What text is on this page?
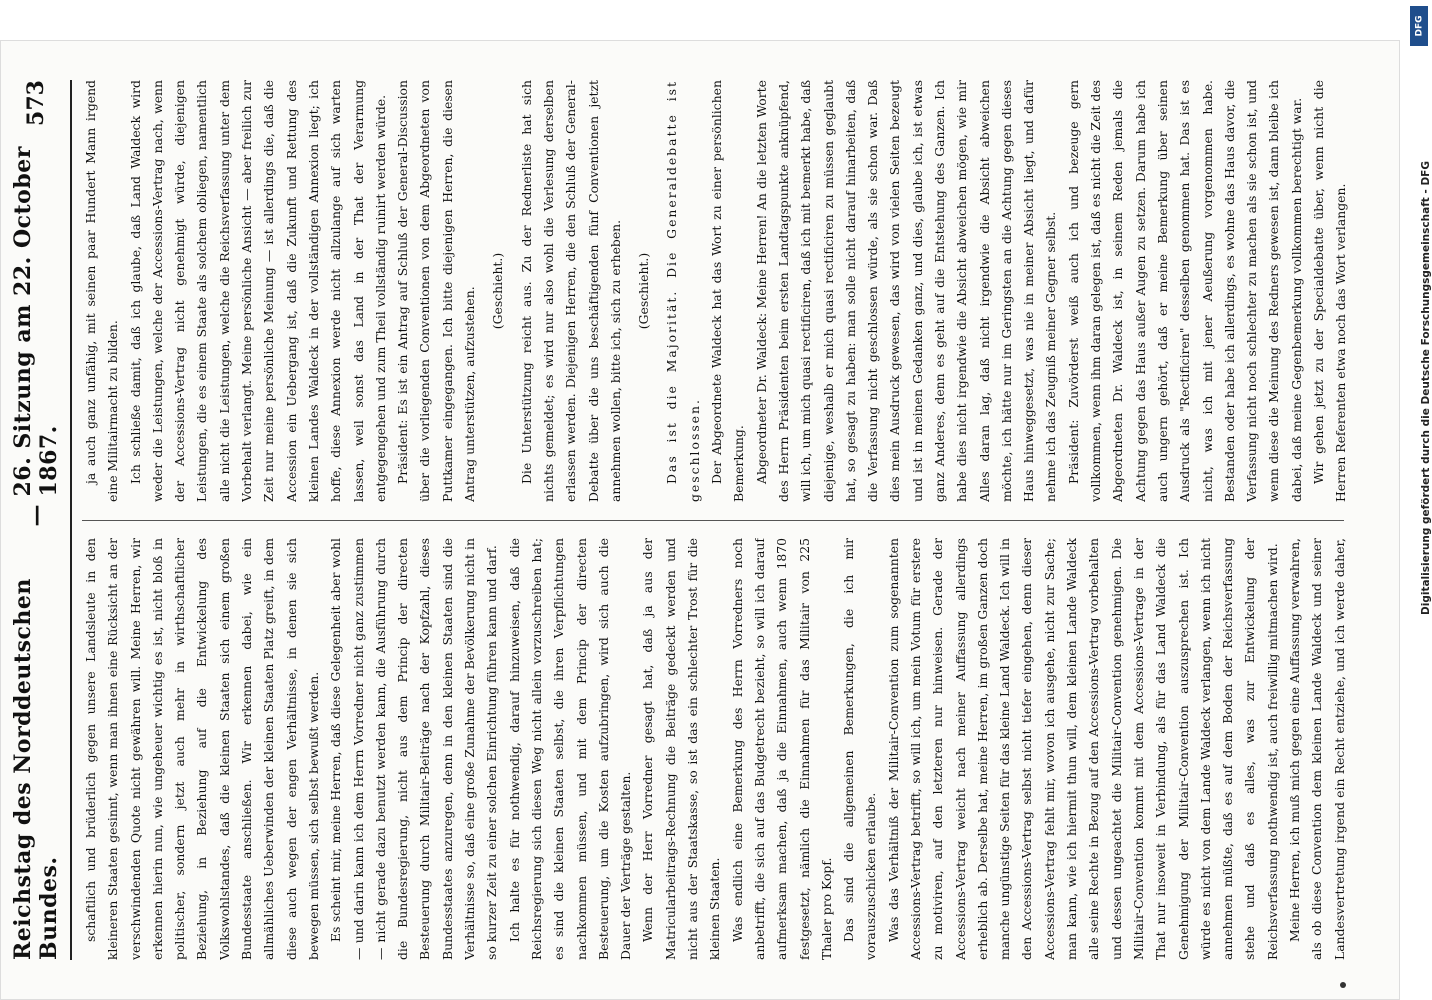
Reichstag des Norddeutschen Bundes.
—
26. Sitzung am 22. October 1867.
573

schaftlich und brüderlich gegen unsere Landsleute in den kleineren Staaten gesinnt, wenn man ihnen eine Rücksicht an der verschwindenden Quote nicht gewähren will. Meine Herren, wir erkennen hierin nun, wie ungeheuer wichtig es ist, nicht bloß in politischer, sondern jetzt auch mehr in wirthschaftlicher Beziehung, in Beziehung auf die Entwickelung des Volkswohlstandes, daß die kleinen Staaten sich einem großen Bundesstaate anschließen. Wir erkennen dabei, wie ein allmähliches Ueberwinden der kleinen Staaten Platz greift, in dem diese auch wegen der engen Verhältnisse, in denen sie sich bewegen müssen, sich selbst bewußt werden. Es scheint mir, meine Herren, daß diese Gelegenheit aber wohl — und darin kann ich dem Herrn Vorredner nicht ganz zustimmen — nicht gerade dazu benutzt werden kann, die Ausführung durch die Bundesregierung, nicht aus dem Princip der directen Besteuerung durch Militair-Beiträge nach der Kopfzahl, dieses Bundesstaates anzuregen, denn in den kleinen Staaten sind die Verhältnisse so, daß eine große Zunahme der Bevölkerung nicht in so kurzer Zeit zu einer solchen Einrichtung führen kann und darf. Ich halte es für nothwendig, darauf hinzuweisen, daß die Reichsregierung sich diesen Weg nicht allein vorzuschreiben hat; es sind die kleinen Staaten selbst, die ihren Verpflichtungen nachkommen müssen, und mit dem Princip der directen Besteuerung, um die Kosten aufzubringen, wird sich auch die Dauer der Verträge gestalten. Wenn der Herr Vorredner gesagt hat, daß ja aus der Matricularbeitrags-Rechnung die Beiträge gedeckt werden und nicht aus der Staatskasse, so ist das ein schlechter Trost für die kleinen Staaten. Was endlich eine Bemerkung des Herrn Vorredners noch anbetrifft, die sich auf das Budgetrecht bezieht, so will ich darauf aufmerksam machen, daß ja die Einnahmen, auch wenn 1870 festgesetzt, nämlich die Einnahmen für das Militair von 225 Thaler pro Kopf. Das sind die allgemeinen Bemerkungen, die ich mir vorauszuschicken erlaube. Was das Verhältniß der Militair-Convention zum sogenannten Accessions-Vertrag betrifft, so will ich, um mein Votum für erstere zu motiviren, auf den letzteren nur hinweisen. Gerade der Accessions-Vertrag weicht nach meiner Auffassung allerdings erheblich ab. Derselbe hat, meine Herren, im großen Ganzen doch manche ungünstige Seiten für das kleine Land Waldeck. Ich will in den Accessions-Vertrag selbst nicht tiefer eingehen, denn dieser Accessions-Vertrag fehlt mir, wovon ich ausgehe, nicht zur Sache; man kann, wie ich hiermit thun will, dem kleinen Lande Waldeck alle seine Rechte in Bezug auf den Accessions-Vertrag vorbehalten und dessen ungeachtet die Militair-Convention genehmigen. Die Militair-Convention kommt mit dem Accessions-Vertrage in der That nur insoweit in Verbindung, als für das Land Waldeck die Genehmigung der Militair-Convention auszusprechen ist. Ich würde es nicht von dem Lande Waldeck verlangen, wenn ich nicht annehmen müßte, daß es auf dem Boden der Reichsverfassung stehe und daß es alles, was zur Entwickelung der Reichsverfassung nothwendig ist, auch freiwillig mitmachen wird. Meine Herren, ich muß mich gegen eine Auffassung verwahren, als ob diese Convention dem kleinen Lande Waldeck und seiner Landesvertretung irgend ein Recht entziehe, und ich werde daher,

ja auch ganz unfähig, mit seinen paar Hundert Mann irgend eine Militairmacht zu bilden. Ich schließe damit, daß ich glaube, daß Land Waldeck wird weder die Leistungen, welche der Accessions-Vertrag nach, wenn der Accessions-Vertrag nicht genehmigt würde, diejenigen Leistungen, die es einem Staate als solchem obliegen, namentlich alle nicht die Leistungen, welche die Reichsverfassung unter dem Vorbehalt verlangt. Meine persönliche Ansicht — aber freilich zur Zeit nur meine persönliche Meinung — ist allerdings die, daß die Accession ein Uebergang ist, daß die Zukunft und Rettung des kleinen Landes Waldeck in der vollständigen Annexion liegt; ich hoffe, diese Annexion werde nicht allzulange auf sich warten lassen, weil sonst das Land in der That der Verarmung entgegengehen und zum Theil vollständig ruinirt werden würde. Präsident: Es ist ein Antrag auf Schluß der General-Discussion über die vorliegenden Conventionen von dem Abgeordneten von Puttkamer eingegangen. Ich bitte diejenigen Herren, die diesen Antrag unterstützen, aufzustehen.	(Geschieht.)	Die Unterstützung reicht aus. Zu der Rednerliste hat sich nichts gemeldet; es wird nur also wohl die Verlesung derselben erlassen werden. Diejenigen Herren, die den Schluß der General-Debatte über die uns beschäftigenden fünf Conventionen jetzt annehmen wollen, bitte ich, sich zu erheben.	(Geschieht.)	Das ist die Majorität. Die Generaldebatte ist geschlossen. Der Abgeordnete Waldeck hat das Wort zu einer persönlichen Bemerkung. Abgeordneter Dr. Waldeck: Meine Herren! An die letzten Worte des Herrn Präsidenten beim ersten Landtagspunkte anknüpfend, will ich, um mich quasi rectificiren, daß ich mit bemerkt habe, daß diejenige, weshalb er mich quasi rectificiren zu müssen geglaubt hat, so gesagt zu haben: man solle nicht darauf hinarbeiten, daß die Verfassung nicht geschlossen würde, als sie schon war. Daß dies mein Ausdruck gewesen, das wird von vielen Seiten bezeugt und ist in meinen Gedanken ganz, und dies, glaube ich, ist etwas ganz Anderes, denn es geht auf die Entstehung des Ganzen. Ich habe dies nicht irgendwie die Absicht abweichen mögen, wie mir Alles daran lag, daß nicht irgendwie die Absicht abweichen möchte, ich hätte nur im Geringsten an die Achtung gegen dieses Haus hinweggesetzt, was nie in meiner Absicht liegt, und dafür nehme ich das Zeugniß meiner Gegner selbst. Präsident: Zuvörderst weiß auch ich und bezeuge gern vollkommen, wenn ihm daran gelegen ist, daß es nicht die Zeit des Abgeordneten Dr. Waldeck ist, in seinem Reden jemals die Achtung gegen das Haus außer Augen zu setzen. Darum habe ich auch ungern gehört, daß er meine Bemerkung über seinen Ausdruck als "Rectificiren" desselben genommen hat. Das ist es nicht, was ich mit jener Aeußerung vorgenommen habe. Bestanden oder habe ich allerdings, es wohne das Haus davor, die Verfassung nicht noch schlechter zu machen als sie schon ist, und wenn diese die Meinung des Redners gewesen ist, dann bleibe ich dabei, daß meine Gegenbemerkung vollkommen berechtigt war. Wir gehen jetzt zu der Specialdebatte über, wenn nicht die Herren Referenten etwa noch das Wort verlangen.

DFG
Digitalisierung gefördert durch die Deutsche Forschungsgemeinschaft - DFG
